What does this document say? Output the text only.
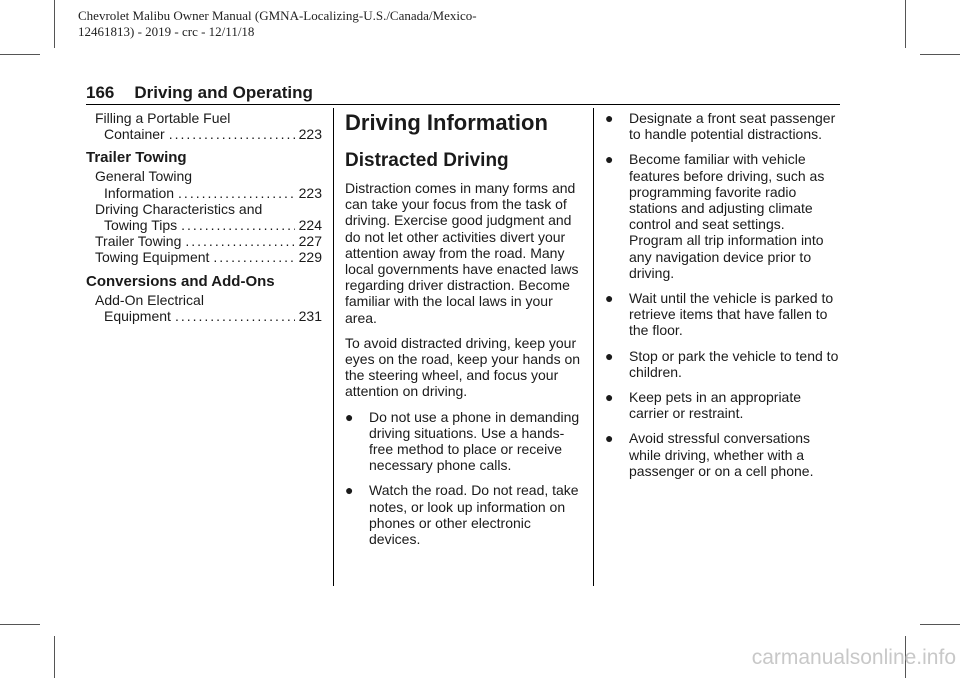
Chevrolet Malibu Owner Manual (GMNA-Localizing-U.S./Canada/Mexico-
12461813) - 2019 - crc - 12/11/18
166 Driving and Operating
Filling a Portable Fuel
Container .....	223
Trailer Towing
General Towing
Information .....	223
Driving Characteristics and
Towing Tips .....	224
Trailer Towing .....	227
Towing Equipment .....	229
Conversions and Add-Ons
Add-On Electrical
Equipment .....	231
Driving Information
Distracted Driving

Distraction comes in many forms and can take your focus from the task of driving. Exercise good judgment and do not let other activities divert your attention away from the road. Many local governments have enacted laws regarding driver distraction. Become familiar with the local laws in your area.

To avoid distracted driving, keep your eyes on the road, keep your hands on the steering wheel, and focus your attention on driving.

●	Do not use a phone in demanding driving situations. Use a hands-free method to place or receive necessary phone calls.
●	Watch the road. Do not read, take notes, or look up information on phones or other electronic devices.
●	Designate a front seat passenger to handle potential distractions.
●	Become familiar with vehicle features before driving, such as programming favorite radio stations and adjusting climate control and seat settings. Program all trip information into any navigation device prior to driving.
●	Wait until the vehicle is parked to retrieve items that have fallen to the floor.
●	Stop or park the vehicle to tend to children.
●	Keep pets in an appropriate carrier or restraint.
●	Avoid stressful conversations while driving, whether with a passenger or on a cell phone.
carmanualsonline.info
